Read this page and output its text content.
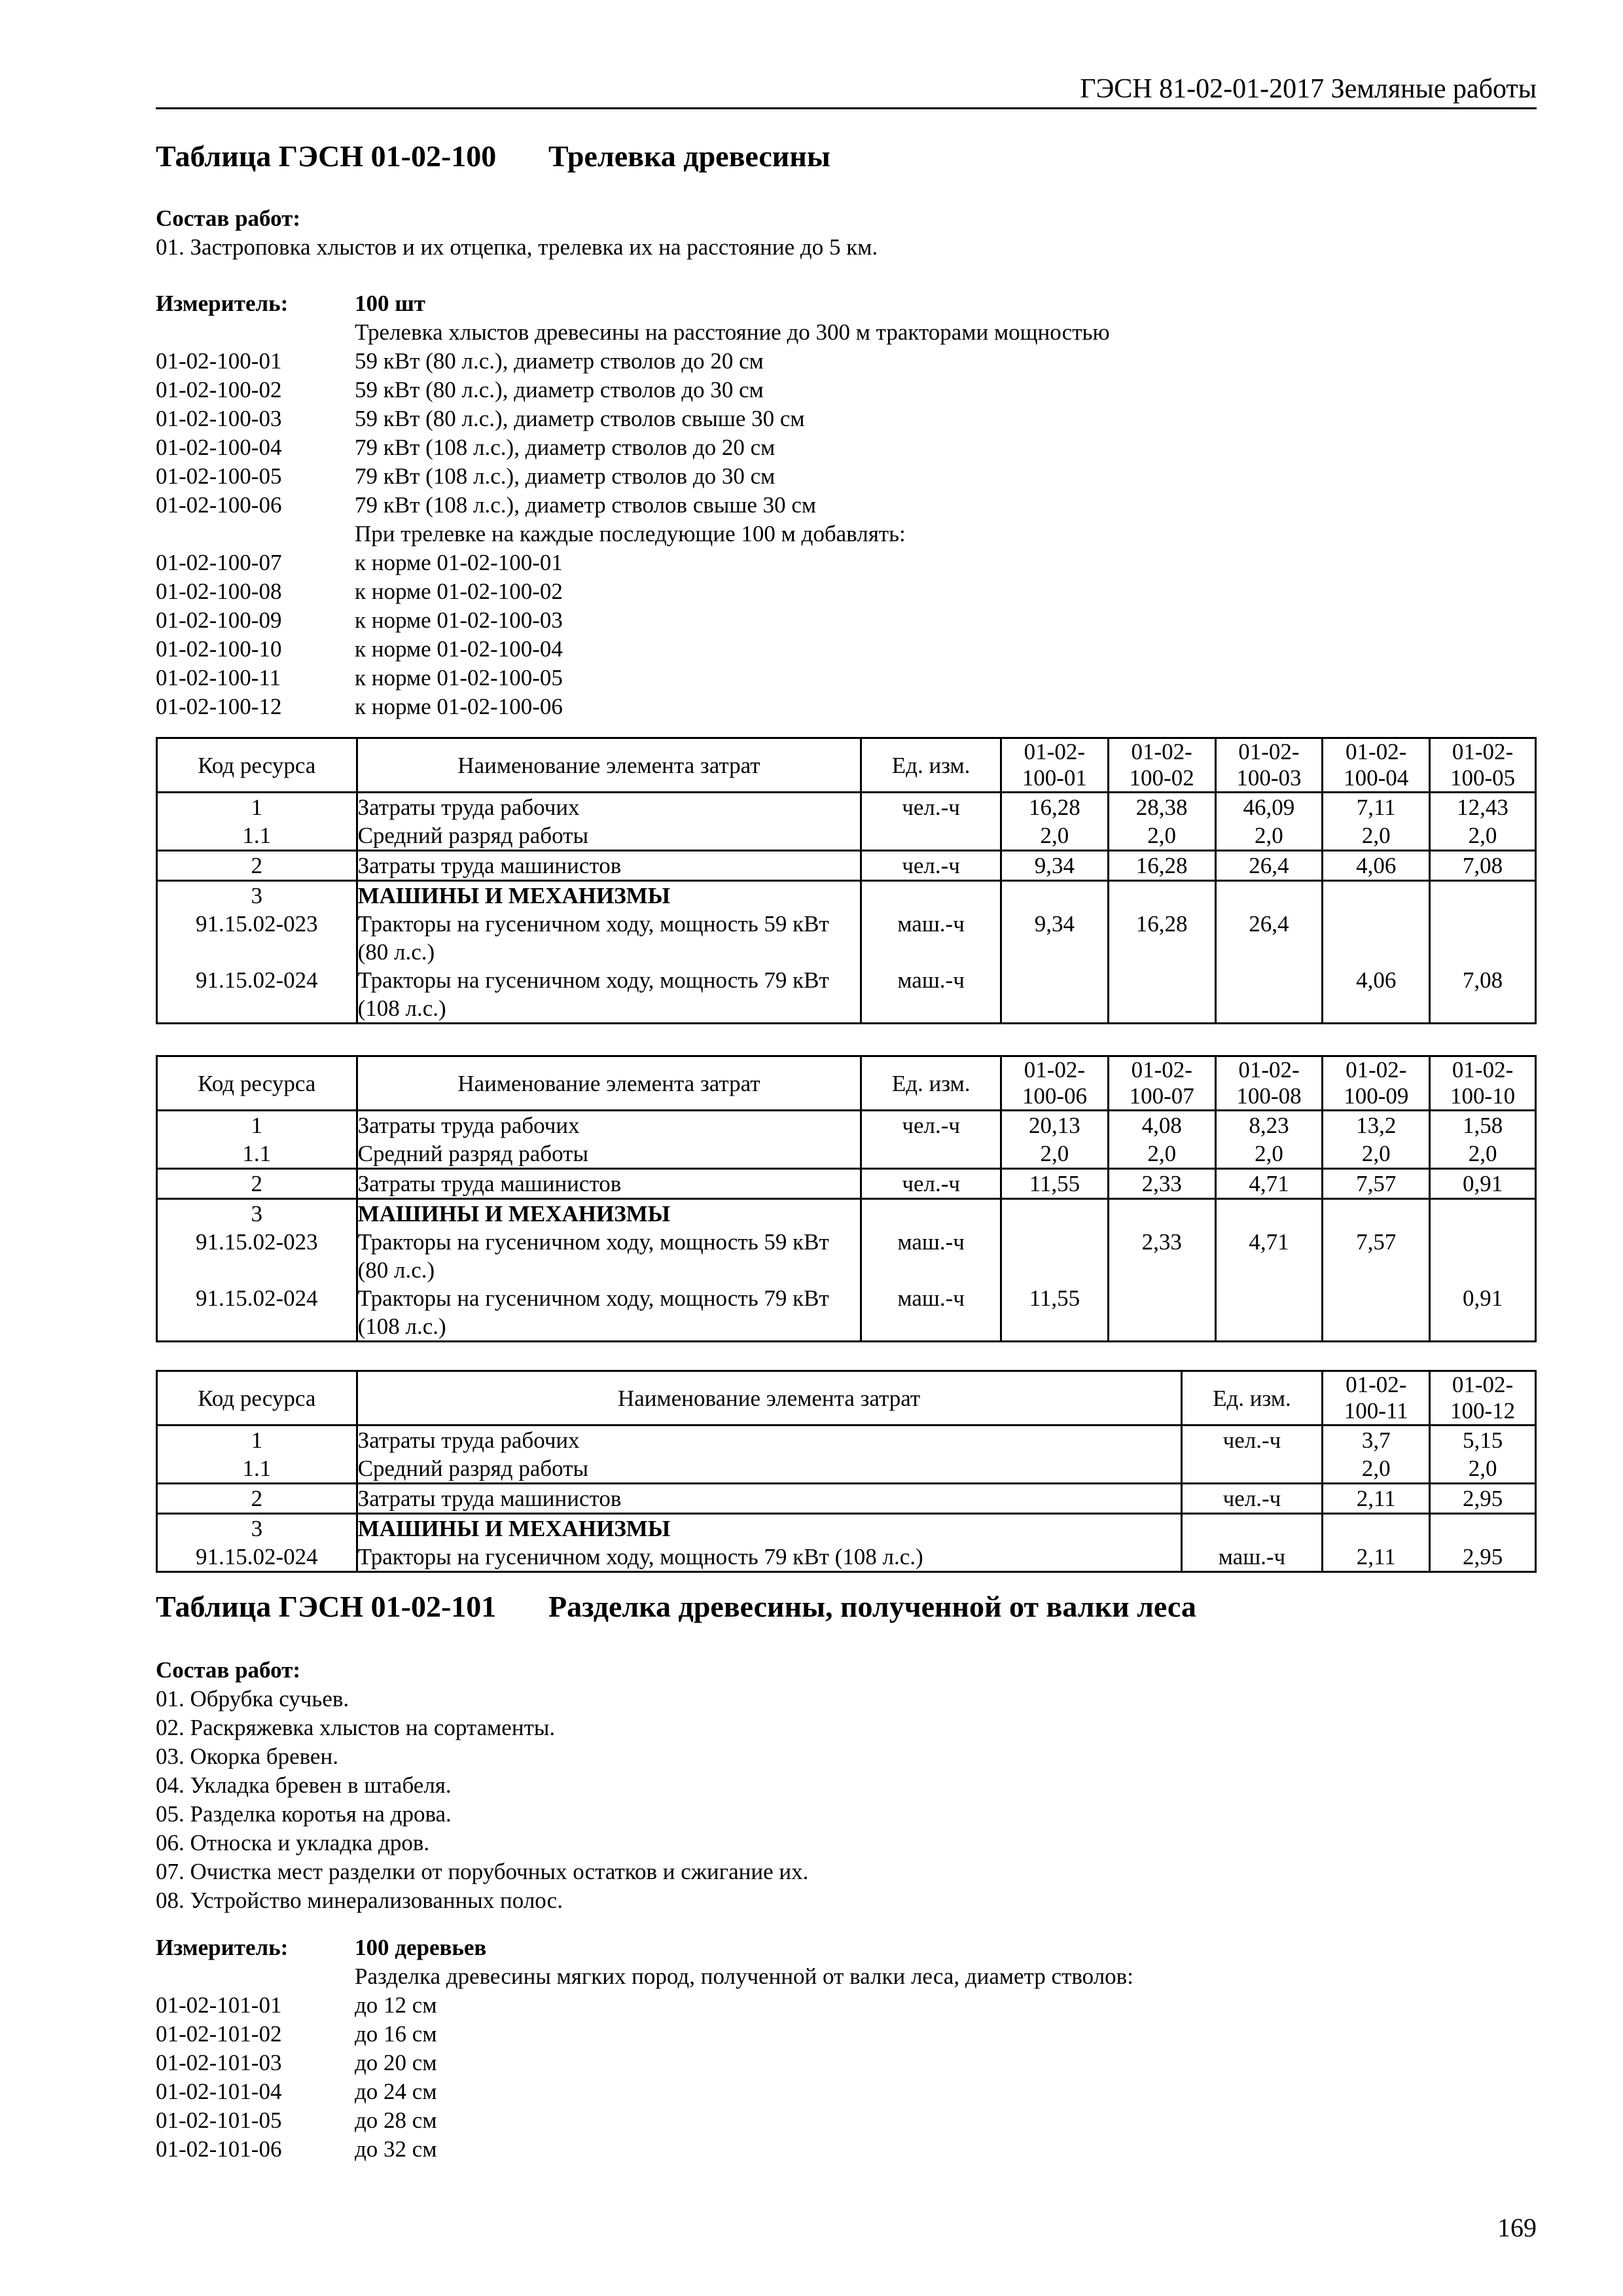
ГЭСН 81-02-01-2017 Земляные работы
Таблица ГЭСН 01-02-100 Трелевка древесины
Состав работ:
01. Застроповка хлыстов и их отцепка, трелевка их на расстояние до 5 км.
Измеритель:	100 шт
Трелевка хлыстов древесины на расстояние до 300 м тракторами мощностью
01-02-100-01	59 кВт (80 л.с.), диаметр стволов до 20 см
01-02-100-02	59 кВт (80 л.с.), диаметр стволов до 30 см
01-02-100-03	59 кВт (80 л.с.), диаметр стволов свыше 30 см
01-02-100-04	79 кВт (108 л.с.), диаметр стволов до 20 см
01-02-100-05	79 кВт (108 л.с.), диаметр стволов до 30 см
01-02-100-06	79 кВт (108 л.с.), диаметр стволов свыше 30 см
При трелевке на каждые последующие 100 м добавлять:
01-02-100-07	к норме 01-02-100-01
01-02-100-08	к норме 01-02-100-02
01-02-100-09	к норме 01-02-100-03
01-02-100-10	к норме 01-02-100-04
01-02-100-11	к норме 01-02-100-05
01-02-100-12	к норме 01-02-100-06
Код ресурса	Наименование элемента затрат	Ед. изм.	01-02-100-01	01-02-100-02	01-02-100-03	01-02-100-04	01-02-100-05
1	Затраты труда рабочих	чел.-ч	16,28	28,38	46,09	7,11	12,43
1.1	Средний разряд работы		2,0	2,0	2,0	2,0	2,0
2	Затраты труда машинистов	чел.-ч	9,34	16,28	26,4	4,06	7,08
3	МАШИНЫ И МЕХАНИЗМЫ						
91.15.02-023	Тракторы на гусеничном ходу, мощность 59 кВт (80 л.с.)	маш.-ч	9,34	16,28	26,4		
91.15.02-024	Тракторы на гусеничном ходу, мощность 79 кВт (108 л.с.)	маш.-ч				4,06	7,08
Код ресурса	Наименование элемента затрат	Ед. изм.	01-02-100-06	01-02-100-07	01-02-100-08	01-02-100-09	01-02-100-10
1	Затраты труда рабочих	чел.-ч	20,13	4,08	8,23	13,2	1,58
1.1	Средний разряд работы		2,0	2,0	2,0	2,0	2,0
2	Затраты труда машинистов	чел.-ч	11,55	2,33	4,71	7,57	0,91
3	МАШИНЫ И МЕХАНИЗМЫ						
91.15.02-023	Тракторы на гусеничном ходу, мощность 59 кВт (80 л.с.)	маш.-ч		2,33	4,71	7,57	
91.15.02-024	Тракторы на гусеничном ходу, мощность 79 кВт (108 л.с.)	маш.-ч	11,55				0,91
Код ресурса	Наименование элемента затрат	Ед. изм.	01-02-100-11	01-02-100-12
1	Затраты труда рабочих	чел.-ч	3,7	5,15
1.1	Средний разряд работы		2,0	2,0
2	Затраты труда машинистов	чел.-ч	2,11	2,95
3	МАШИНЫ И МЕХАНИЗМЫ			
91.15.02-024	Тракторы на гусеничном ходу, мощность 79 кВт (108 л.с.)	маш.-ч	2,11	2,95
Таблица ГЭСН 01-02-101 Разделка древесины, полученной от валки леса
Состав работ:
01. Обрубка сучьев.
02. Раскряжевка хлыстов на сортаменты.
03. Окорка бревен.
04. Укладка бревен в штабеля.
05. Разделка коротья на дрова.
06. Относка и укладка дров.
07. Очистка мест разделки от порубочных остатков и сжигание их.
08. Устройство минерализованных полос.
Измеритель:	100 деревьев
Разделка древесины мягких пород, полученной от валки леса, диаметр стволов:
01-02-101-01	до 12 см
01-02-101-02	до 16 см
01-02-101-03	до 20 см
01-02-101-04	до 24 см
01-02-101-05	до 28 см
01-02-101-06	до 32 см
169
